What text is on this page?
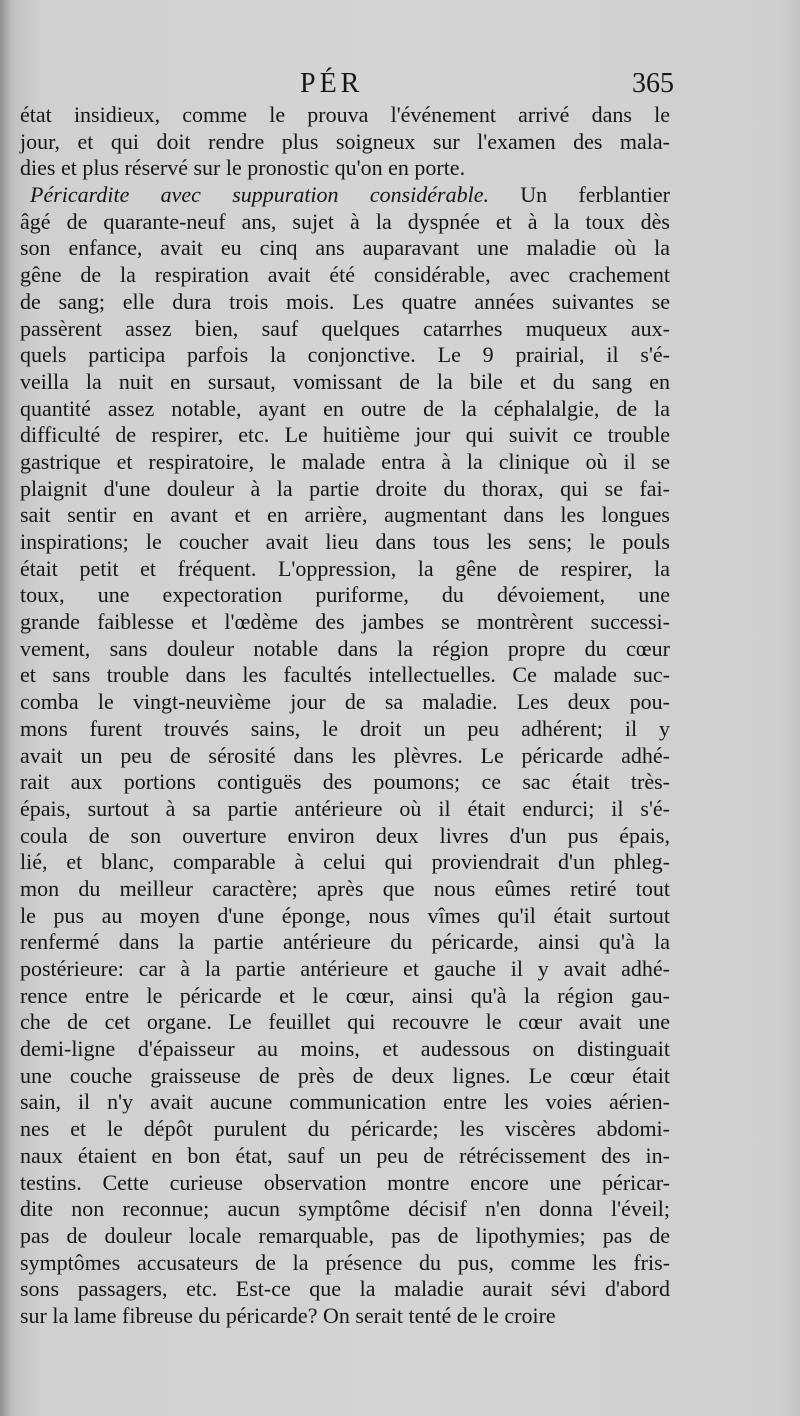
PÉR	365
état insidieux, comme le prouva l'événement arrivé dans le
jour, et qui doit rendre plus soigneux sur l'examen des mala-
dies et plus réservé sur le pronostic qu'on en porte.
Péricardite avec suppuration considérable. Un ferblantier
âgé de quarante-neuf ans, sujet à la dyspnée et à la toux dès
son enfance, avait eu cinq ans auparavant une maladie où la
gêne de la respiration avait été considérable, avec crachement
de sang; elle dura trois mois. Les quatre années suivantes se
passèrent assez bien, sauf quelques catarrhes muqueux aux-
quels participa parfois la conjonctive. Le 9 prairial, il s'é-
veilla la nuit en sursaut, vomissant de la bile et du sang en
quantité assez notable, ayant en outre de la céphalalgie, de la
difficulté de respirer, etc. Le huitième jour qui suivit ce trouble
gastrique et respiratoire, le malade entra à la clinique où il se
plaignit d'une douleur à la partie droite du thorax, qui se fai-
sait sentir en avant et en arrière, augmentant dans les longues
inspirations; le coucher avait lieu dans tous les sens; le pouls
était petit et fréquent. L'oppression, la gêne de respirer, la
toux, une expectoration puriforme, du dévoiement, une
grande faiblesse et l'œdème des jambes se montrèrent successi-
vement, sans douleur notable dans la région propre du cœur
et sans trouble dans les facultés intellectuelles. Ce malade suc-
comba le vingt-neuvième jour de sa maladie. Les deux pou-
mons furent trouvés sains, le droit un peu adhérent; il y
avait un peu de sérosité dans les plèvres. Le péricarde adhé-
rait aux portions contiguës des poumons; ce sac était très-
épais, surtout à sa partie antérieure où il était endurci; il s'é-
coula de son ouverture environ deux livres d'un pus épais,
lié, et blanc, comparable à celui qui proviendrait d'un phleg-
mon du meilleur caractère; après que nous eûmes retiré tout
le pus au moyen d'une éponge, nous vîmes qu'il était surtout
renfermé dans la partie antérieure du péricarde, ainsi qu'à la
postérieure: car à la partie antérieure et gauche il y avait adhé-
rence entre le péricarde et le cœur, ainsi qu'à la région gau-
che de cet organe. Le feuillet qui recouvre le cœur avait une
demi-ligne d'épaisseur au moins, et audessous on distinguait
une couche graisseuse de près de deux lignes. Le cœur était
sain, il n'y avait aucune communication entre les voies aérien-
nes et le dépôt purulent du péricarde; les viscères abdomi-
naux étaient en bon état, sauf un peu de rétrécissement des in-
testins. Cette curieuse observation montre encore une péricar-
dite non reconnue; aucun symptôme décisif n'en donna l'éveil;
pas de douleur locale remarquable, pas de lipothymies; pas de
symptômes accusateurs de la présence du pus, comme les fris-
sons passagers, etc. Est-ce que la maladie aurait sévi d'abord
sur la lame fibreuse du péricarde? On serait tenté de le croire
